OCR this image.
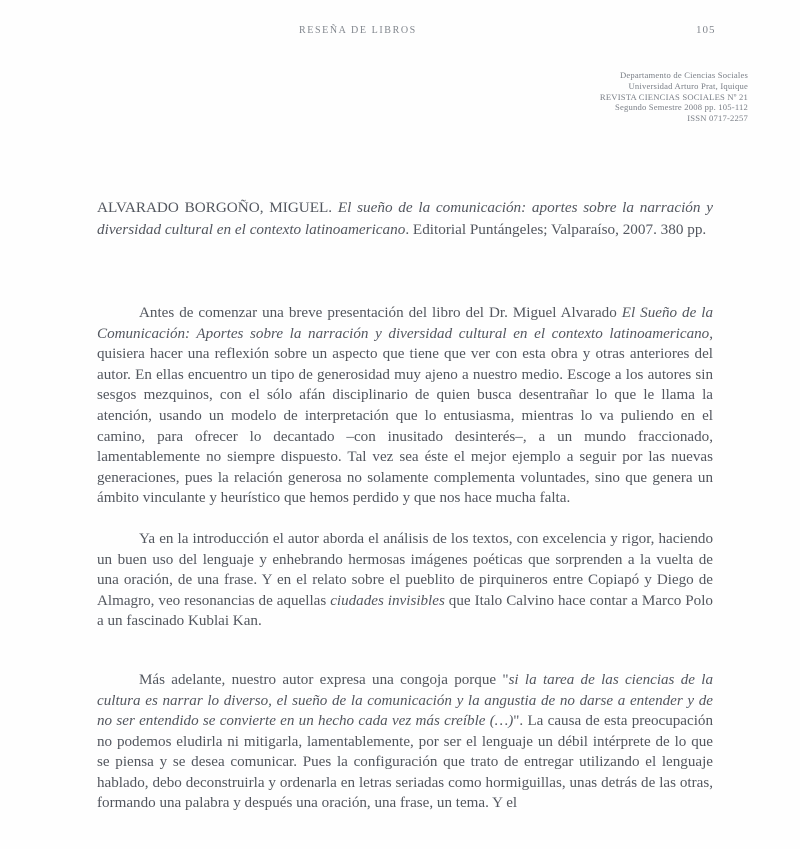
RESEÑA DE LIBROS	105
Departamento de Ciencias Sociales
Universidad Arturo Prat, Iquique
REVISTA CIENCIAS SOCIALES Nº 21
Segundo Semestre 2008 pp. 105-112
ISSN 0717-2257

ALVARADO BORGOÑO, MIGUEL. El sueño de la comunicación: aportes sobre la narración y diversidad cultural en el contexto latinoamericano. Editorial Puntángeles; Valparaíso, 2007. 380 pp.

Antes de comenzar una breve presentación del libro del Dr. Miguel Alvarado El Sueño de la Comunicación: Aportes sobre la narración y diversidad cultural en el contexto latinoamericano, quisiera hacer una reflexión sobre un aspecto que tiene que ver con esta obra y otras anteriores del autor. En ellas encuentro un tipo de generosidad muy ajeno a nuestro medio. Escoge a los autores sin sesgos mezquinos, con el sólo afán disciplinario de quien busca desentrañar lo que le llama la atención, usando un modelo de interpretación que lo entusiasma, mientras lo va puliendo en el camino, para ofrecer lo decantado –con inusitado desinterés–, a un mundo fraccionado, lamentablemente no siempre dispuesto. Tal vez sea éste el mejor ejemplo a seguir por las nuevas generaciones, pues la relación generosa no solamente complementa voluntades, sino que genera un ámbito vinculante y heurístico que hemos perdido y que nos hace mucha falta.

Ya en la introducción el autor aborda el análisis de los textos, con excelencia y rigor, haciendo un buen uso del lenguaje y enhebrando hermosas imágenes poéticas que sorprenden a la vuelta de una oración, de una frase. Y en el relato sobre el pueblito de pirquineros entre Copiapó y Diego de Almagro, veo resonancias de aquellas ciudades invisibles que Italo Calvino hace contar a Marco Polo a un fascinado Kublai Kan.

Más adelante, nuestro autor expresa una congoja porque "si la tarea de las ciencias de la cultura es narrar lo diverso, el sueño de la comunicación y la angustia de no darse a entender y de no ser entendido se convierte en un hecho cada vez más creíble (…)". La causa de esta preocupación no podemos eludirla ni mitigarla, lamentablemente, por ser el lenguaje un débil intérprete de lo que se piensa y se desea comunicar. Pues la configuración que trato de entregar utilizando el lenguaje hablado, debo deconstruirla y ordenarla en letras seriadas como hormiguillas, unas detrás de las otras, formando una palabra y después una oración, una frase, un tema. Y el
